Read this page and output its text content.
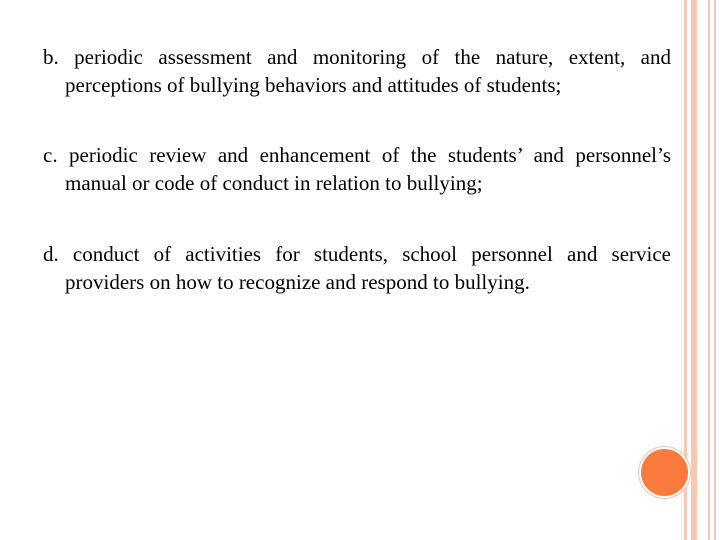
b. periodic assessment and monitoring of the nature, extent, and perceptions of bullying behaviors and attitudes of students;

c. periodic review and enhancement of the students’ and personnel’s manual or code of conduct in relation to bullying;

d. conduct of activities for students, school personnel and service providers on how to recognize and respond to bullying.
